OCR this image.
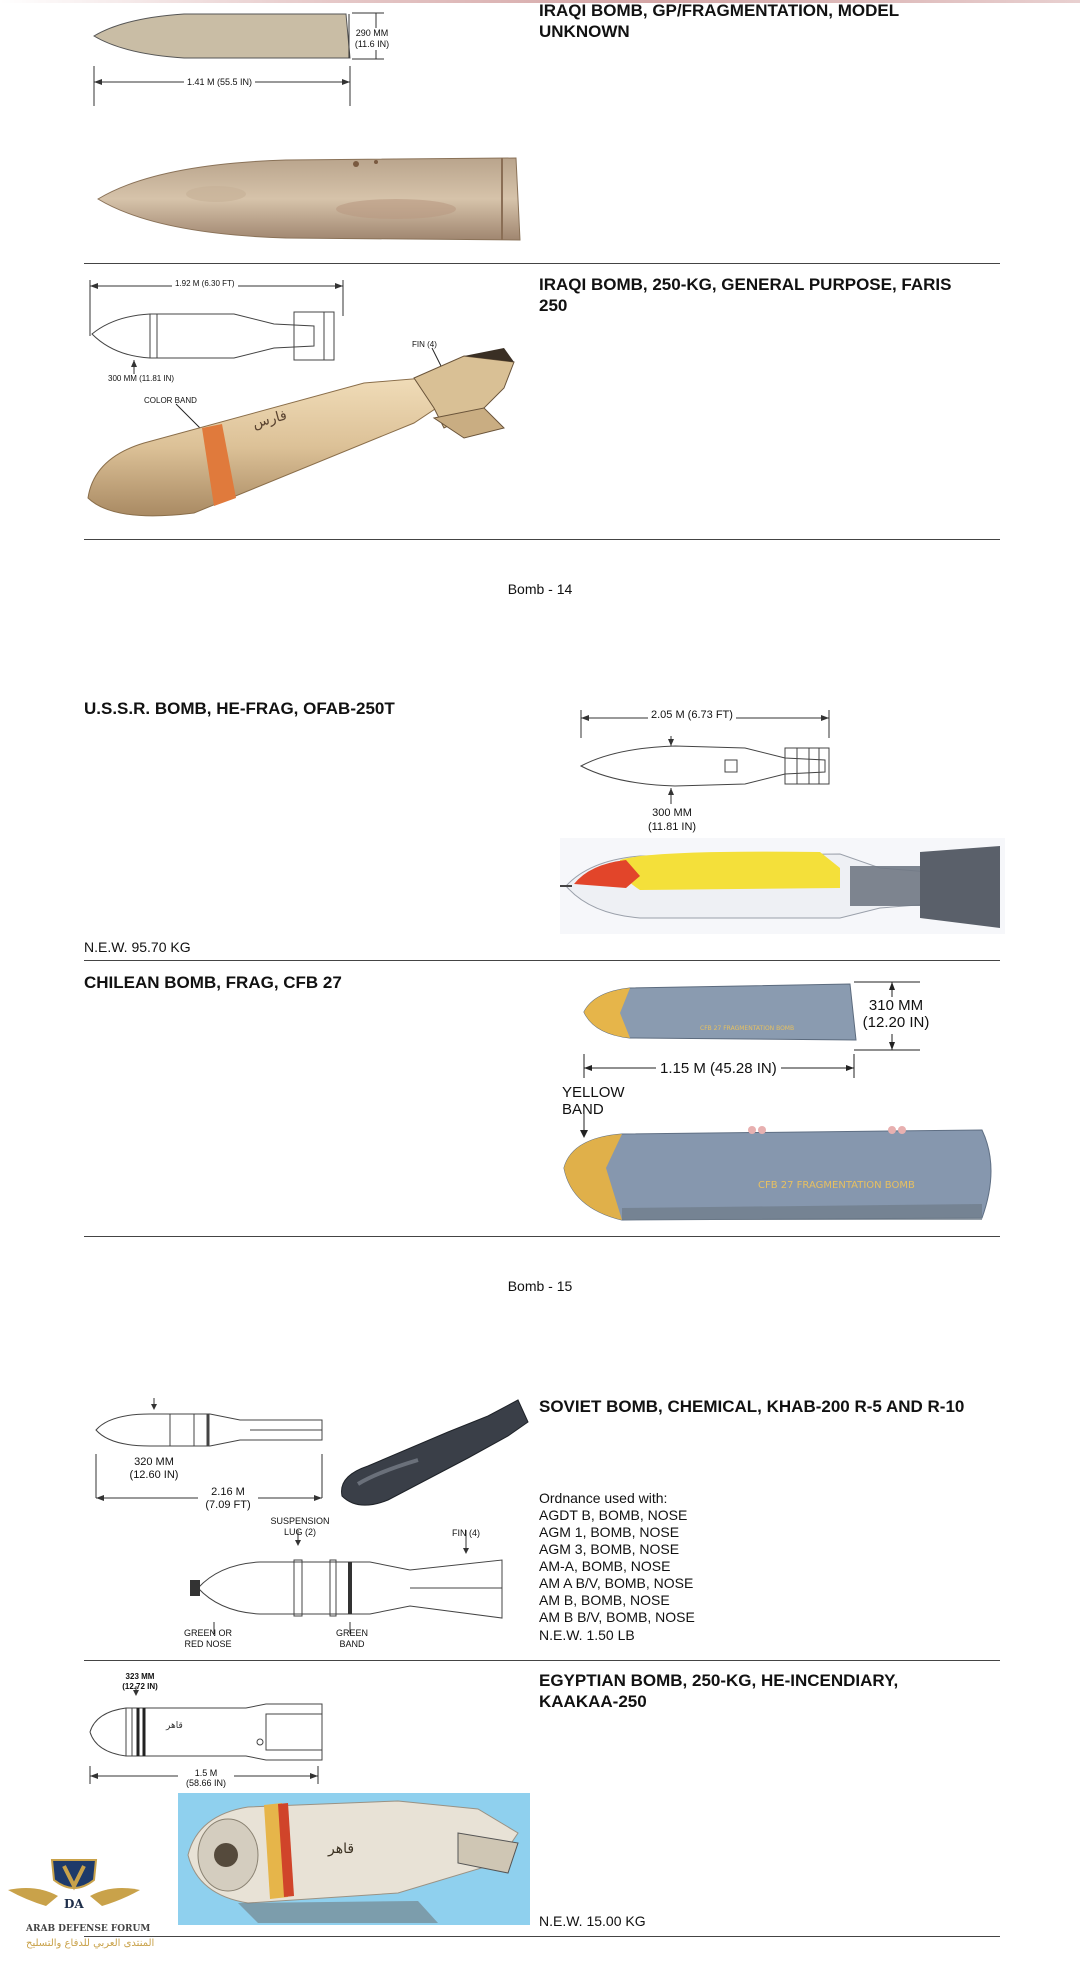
290 MM
(11.6 IN)
1.41 M (55.5 IN)
IRAQI BOMB, GP/FRAGMENTATION, MODEL
UNKNOWN
1.92 M (6.30 FT)
300 MM (11.81 IN)
FIN (4)
COLOR BAND
فارس
IRAQI BOMB, 250-KG, GENERAL PURPOSE, FARIS
250
Bomb - 14
U.S.S.R. BOMB, HE-FRAG, OFAB-250T	2.05 M (6.73 FT)
300 MM
(11.81 IN)
N.E.W. 95.70 KG
CHILEAN BOMB, FRAG, CFB 27
CFB 27 FRAGMENTATION BOMB
310 MM
(12.20 IN)
1.15 M (45.28 IN)
YELLOW
BAND
CFB 27 FRAGMENTATION BOMB
Bomb - 15
320 MM
(12.60 IN)
2.16 M
(7.09 FT)
SUSPENSION
LUG (2)	FIN (4)
GREEN OR
RED NOSE
GREEN
BAND
SOVIET BOMB, CHEMICAL, KHAB-200 R-5 AND R-10
Ordnance used with:
AGDT B, BOMB, NOSE
AGM 1, BOMB, NOSE
AGM 3, BOMB, NOSE
AM-A, BOMB, NOSE
AM A B/V, BOMB, NOSE
AM B, BOMB, NOSE
AM B B/V, BOMB, NOSE
N.E.W. 1.50 LB
قاهر
323 MM
(12.72 IN)
1.5 M
(58.66 IN)
قاهر
EGYPTIAN BOMB, 250-KG, HE-INCENDIARY,
KAAKAA-250
N.E.W. 15.00 KG
DA
ARAB DEFENSE FORUM
المنتدى العربي للدفاع والتسليح
